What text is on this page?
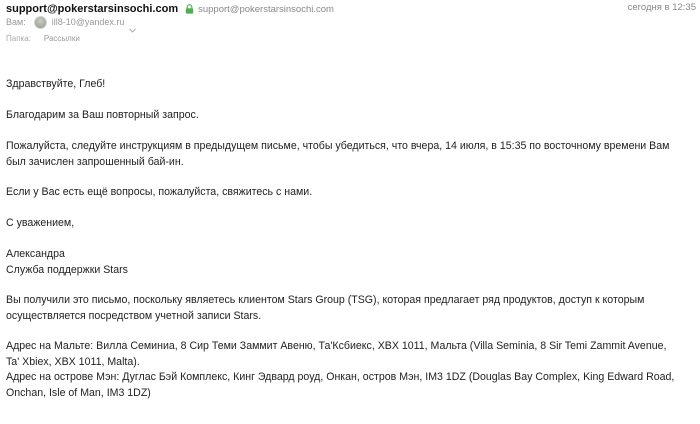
support@pokerstarsinsochi.com support@pokerstarsinsochi.com	сегодня в 12:35
Вам:	ill8-10@yandex.ru
Папка: Рассылки

Здравствуйте, Глеб!

Благодарим за Ваш повторный запрос.

Пожалуйста, следуйте инструкциям в предыдущем письме, чтобы убедиться, что вчера, 14 июля, в 15:35 по восточному времени Вам был зачислен запрошенный бай-ин.

Если у Вас есть ещё вопросы, пожалуйста, свяжитесь с нами.

С уважением,

Александра

Служба поддержки Stars

Вы получили это письмо, поскольку являетесь клиентом Stars Group (TSG), которая предлагает ряд продуктов, доступ к которым осуществляется посредством учетной записи Stars.

Адрес на Мальте: Вилла Семиниа, 8 Сир Теми Заммит Авеню, Та'Ксбиекс, XBX 1011, Мальта (Villa Seminia, 8 Sir Temi Zammit Avenue, Ta' Xbiex, XBX 1011, Malta).

Адрес на острове Мэн: Дуглас Бэй Комплекс, Кинг Эдвард роуд, Онкан, остров Мэн, IM3 1DZ (Douglas Bay Complex, King Edward Road, Onchan, Isle of Man, IM3 1DZ)
